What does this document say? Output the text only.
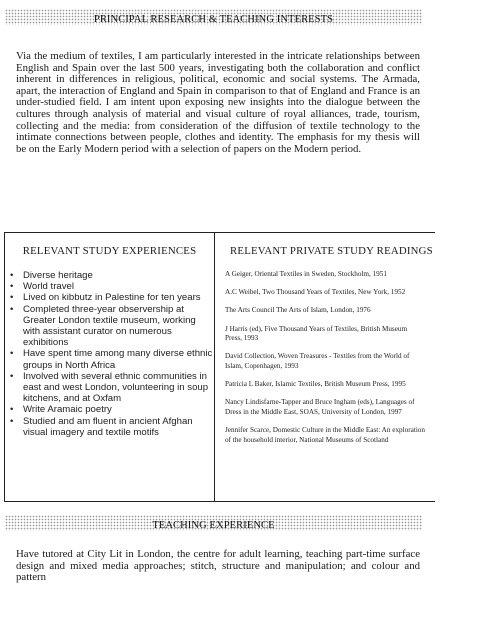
PRINCIPAL RESEARCH & TEACHING INTERESTS
Via the medium of textiles, I am particularly interested in the intricate relationships between English and Spain over the last 500 years, investigating both the collaboration and conflict inherent in differences in religious, political, economic and social systems. The Armada, apart, the interaction of England and Spain in comparison to that of England and France is an under-studied field. I am intent upon exposing new insights into the dialogue between the cultures through analysis of material and visual culture of royal alliances, trade, tourism, collecting and the media: from consideration of the diffusion of textile technology to the intimate connections between people, clothes and identity. The emphasis for my thesis will be on the Early Modern period with a selection of papers on the Modern period.
RELEVANT STUDY EXPERIENCES	RELEVANT PRIVATE STUDY READINGS
• Diverse heritage
• World travel
• Lived on kibbutz in Palestine for ten years
• Completed three-year observership at Greater London textile museum, working with assistant curator on numerous exhibitions
• Have spent time among many diverse ethnic groups in North Africa
• Involved with several ethnic communities in east and west London, volunteering in soup kitchens, and at Oxfam
• Write Aramaic poetry
• Studied and am fluent in ancient Afghan visual imagery and textile motifs
A Geiger, Oriental Textiles in Sweden, Stockholm, 1951
A.C Weibel, Two Thousand Years of Textiles, New York, 1952
The Arts Council The Arts of Islam, London, 1976
J Harris (ed), Five Thousand Years of Textiles, British Museum Press, 1993
David Collection, Woven Treasures - Textiles from the World of Islam, Copenhagen, 1993
Patricia L Baker, Islamic Textiles, British Museum Press, 1995
Nancy Lindisfarne-Tapper and Bruce Ingham (eds), Languages of Dress in the Middle East, SOAS, University of London, 1997
Jennifer Scarce, Domestic Culture in the Middle East: An exploration of the household interior, National Museums of Scotland
TEACHING EXPERIENCE
Have tutored at City Lit in London, the centre for adult learning, teaching part-time surface design and mixed media approaches; stitch, structure and manipulation; and colour and pattern
